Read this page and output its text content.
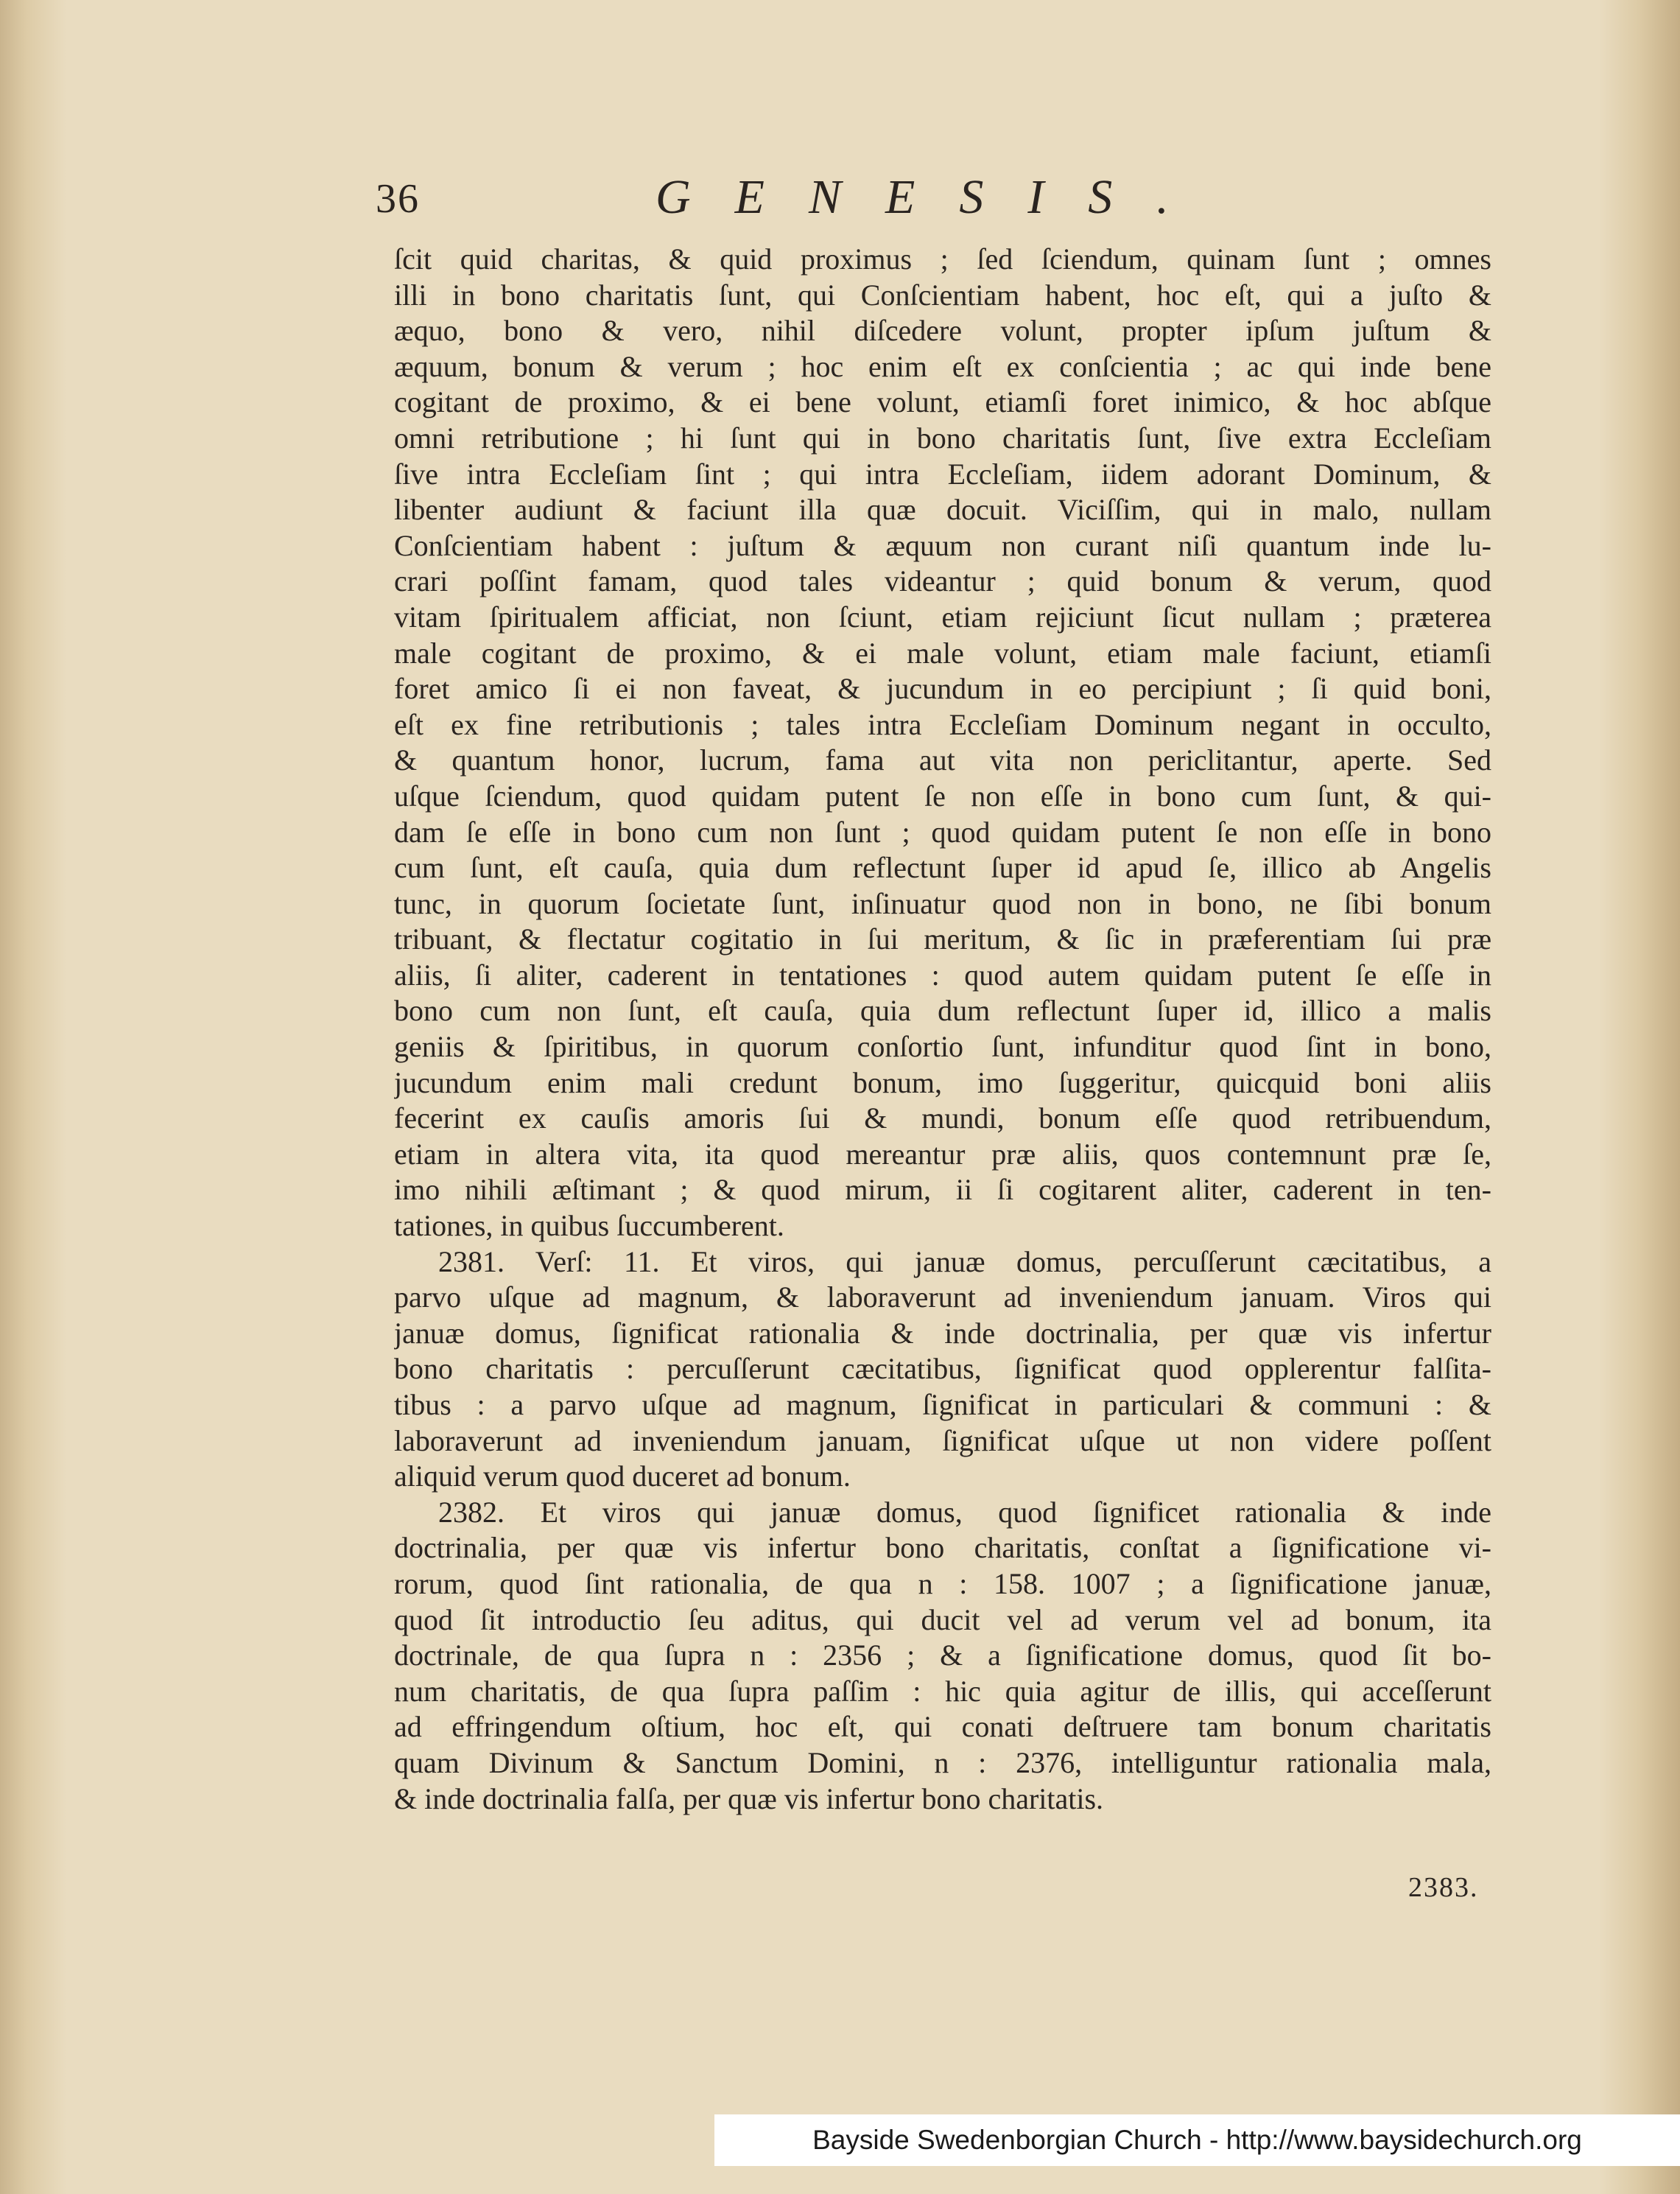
36	GENESIS.
ſcit quid charitas, & quid proximus ; ſed ſciendum, quinam ſunt ; omnes
illi in bono charitatis ſunt, qui Conſcientiam habent, hoc eſt, qui a juſto &
æquo, bono & vero, nihil diſcedere volunt, propter ipſum juſtum &
æquum, bonum & verum ; hoc enim eſt ex conſcientia ; ac qui inde bene
cogitant de proximo, & ei bene volunt, etiamſi foret inimico, & hoc abſque
omni retributione ; hi ſunt qui in bono charitatis ſunt, ſive extra Eccleſiam
ſive intra Eccleſiam ſint ; qui intra Eccleſiam, iidem adorant Dominum, &
libenter audiunt & faciunt illa quæ docuit. Viciſſim, qui in malo, nullam
Conſcientiam habent : juſtum & æquum non curant niſi quantum inde lu-
crari poſſint famam, quod tales videantur ; quid bonum & verum, quod
vitam ſpiritualem afficiat, non ſciunt, etiam rejiciunt ſicut nullam ; præterea
male cogitant de proximo, & ei male volunt, etiam male faciunt, etiamſi
foret amico ſi ei non faveat, & jucundum in eo percipiunt ; ſi quid boni,
eſt ex fine retributionis ; tales intra Eccleſiam Dominum negant in occulto,
& quantum honor, lucrum, fama aut vita non periclitantur, aperte. Sed
uſque ſciendum, quod quidam putent ſe non eſſe in bono cum ſunt, & qui-
dam ſe eſſe in bono cum non ſunt ; quod quidam putent ſe non eſſe in bono
cum ſunt, eſt cauſa, quia dum reflectunt ſuper id apud ſe, illico ab Angelis
tunc, in quorum ſocietate ſunt, inſinuatur quod non in bono, ne ſibi bonum
tribuant, & flectatur cogitatio in ſui meritum, & ſic in præferentiam ſui præ
aliis, ſi aliter, caderent in tentationes : quod autem quidam putent ſe eſſe in
bono cum non ſunt, eſt cauſa, quia dum reflectunt ſuper id, illico a malis
geniis & ſpiritibus, in quorum conſortio ſunt, infunditur quod ſint in bono,
jucundum enim mali credunt bonum, imo ſuggeritur, quicquid boni aliis
fecerint ex cauſis amoris ſui & mundi, bonum eſſe quod retribuendum,
etiam in altera vita, ita quod mereantur præ aliis, quos contemnunt præ ſe,
imo nihili æſtimant ; & quod mirum, ii ſi cogitarent aliter, caderent in ten-
tationes, in quibus ſuccumberent.
2381. Verſ: 11. Et viros, qui januæ domus, percuſſerunt cæcitatibus, a
parvo uſque ad magnum, & laboraverunt ad inveniendum januam. Viros qui
januæ domus, ſignificat rationalia & inde doctrinalia, per quæ vis infertur
bono charitatis : percuſſerunt cæcitatibus, ſignificat quod opplerentur falſita-
tibus : a parvo uſque ad magnum, ſignificat in particulari & communi : &
laboraverunt ad inveniendum januam, ſignificat uſque ut non videre poſſent
aliquid verum quod duceret ad bonum.
2382. Et viros qui januæ domus, quod ſignificet rationalia & inde
doctrinalia, per quæ vis infertur bono charitatis, conſtat a ſignificatione vi-
rorum, quod ſint rationalia, de qua n : 158. 1007 ; a ſignificatione januæ,
quod ſit introductio ſeu aditus, qui ducit vel ad verum vel ad bonum, ita
doctrinale, de qua ſupra n : 2356 ; & a ſignificatione domus, quod ſit bo-
num charitatis, de qua ſupra paſſim : hic quia agitur de illis, qui acceſſerunt
ad effringendum oſtium, hoc eſt, qui conati deſtruere tam bonum charitatis
quam Divinum & Sanctum Domini, n : 2376, intelliguntur rationalia mala,
& inde doctrinalia falſa, per quæ vis infertur bono charitatis.
2383.
Bayside Swedenborgian Church - http://www.baysidechurch.org
